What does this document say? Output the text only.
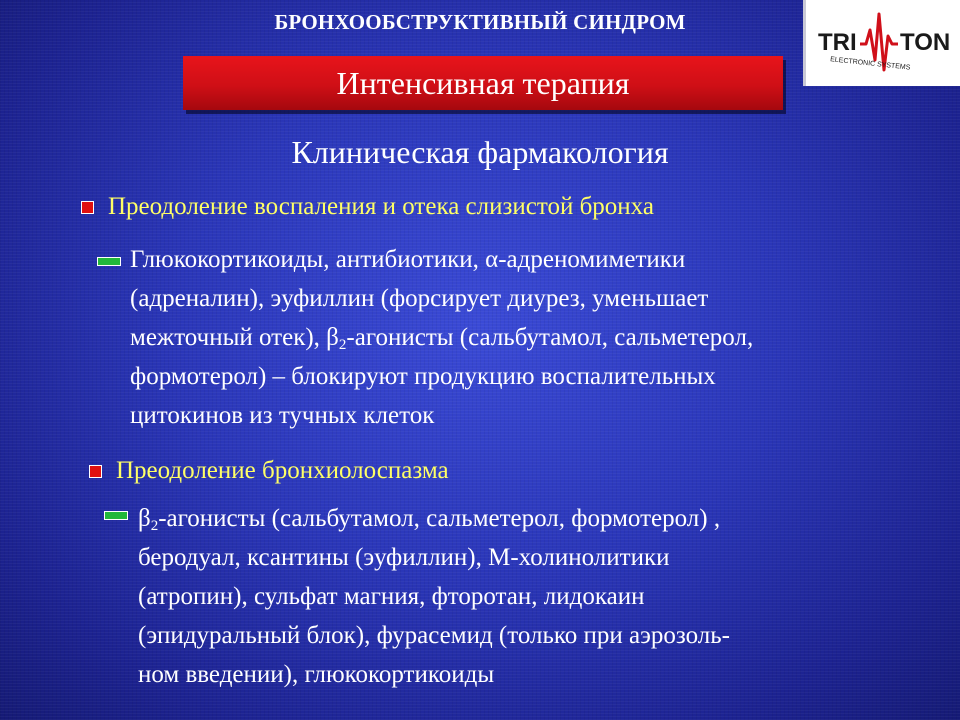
БРОНХООБСТРУКТИВНЫЙ СИНДРОМ
TRI TON
ELECTRONIC SYSTEMS
Интенсивная терапия
Клиническая фармакология
Преодоление воспаления и отека слизистой бронха
Глюкокортикоиды, антибиотики, α-адреномиметики
(адреналин), эуфиллин (форсирует диурез, уменьшает
межточный отек), $\beta_2$-агонисты (сальбутамол, сальметерол,
формотерол) – блокируют продукцию воспалительных
цитокинов из тучных клеток
Преодоление бронхиолоспазма
$\beta_2$-агонисты (сальбутамол, сальметерол, формотерол) ,
беродуал, ксантины (эуфиллин), М-холинолитики
(атропин), сульфат магния, фторотан, лидокаин
(эпидуральный блок), фурасемид (только при аэрозоль-
ном введении), глюкокортикоиды
